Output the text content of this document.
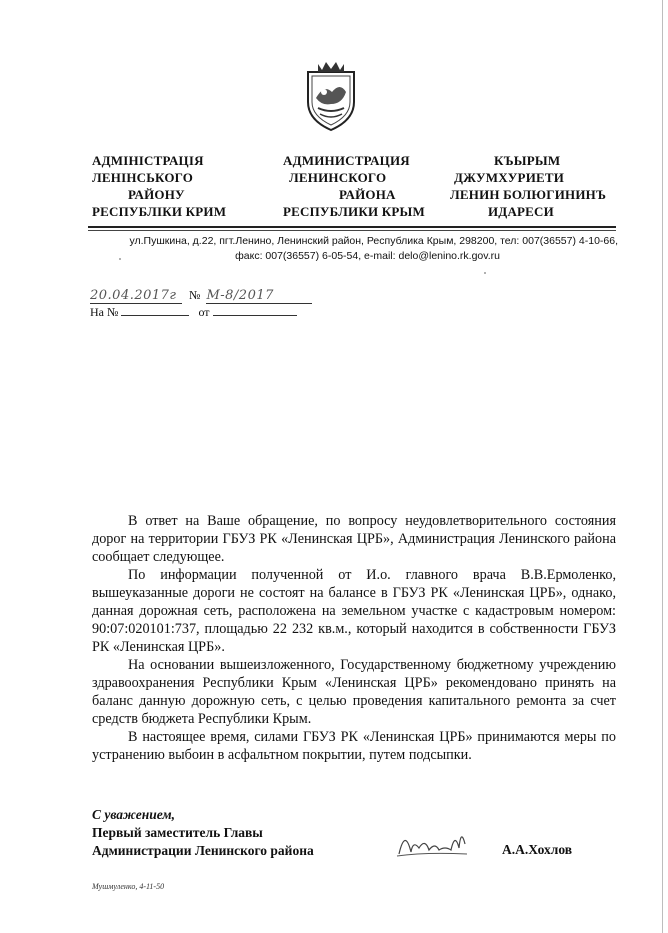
АДМІНІСТРАЦІЯ
ЛЕНІНСЬКОГО
РАЙОНУ
РЕСПУБЛІКИ КРИМ
АДМИНИСТРАЦИЯ
ЛЕНИНСКОГО
РАЙОНА
РЕСПУБЛИКИ КРЫМ
КЪЫРЫМ
ДЖУМХУРИЕТИ
ЛЕНИН БОЛЮГИНИНЪ
ИДАРЕСИ
ул.Пушкина, д.22, пгт.Ленино, Ленинский район, Республика Крым, 298200, тел: 007(36557) 4-10-66,
факс: 007(36557) 6-05-54, e-mail: delo@lenino.rk.gov.ru
20.04.2017г № М-8/2017
На №	от

В ответ на Ваше обращение, по вопросу неудовлетворительного состояния дорог на территории ГБУЗ РК «Ленинская ЦРБ», Администрация Ленинского района сообщает следующее.

По информации полученной от И.о. главного врача В.В.Ермоленко, вышеуказанные дороги не состоят на балансе в ГБУЗ РК «Ленинская ЦРБ», однако, данная дорожная сеть, расположена на земельном участке с кадастровым номером: 90:07:020101:737, площадью 22 232 кв.м., который находится в собственности ГБУЗ РК «Ленинская ЦРБ».

На основании вышеизложенного, Государственному бюджетному учреждению здравоохранения Республики Крым «Ленинская ЦРБ» рекомендовано принять на баланс данную дорожную сеть, с целью проведения капитального ремонта за счет средств бюджета Республики Крым.

В настоящее время, силами ГБУЗ РК «Ленинская ЦРБ» принимаются меры по устранению выбоин в асфальтном покрытии, путем подсыпки.

С уважением,
Первый заместитель Главы
Администрации Ленинского района	А.А.Хохлов
Мушмуленко, 4-11-50
